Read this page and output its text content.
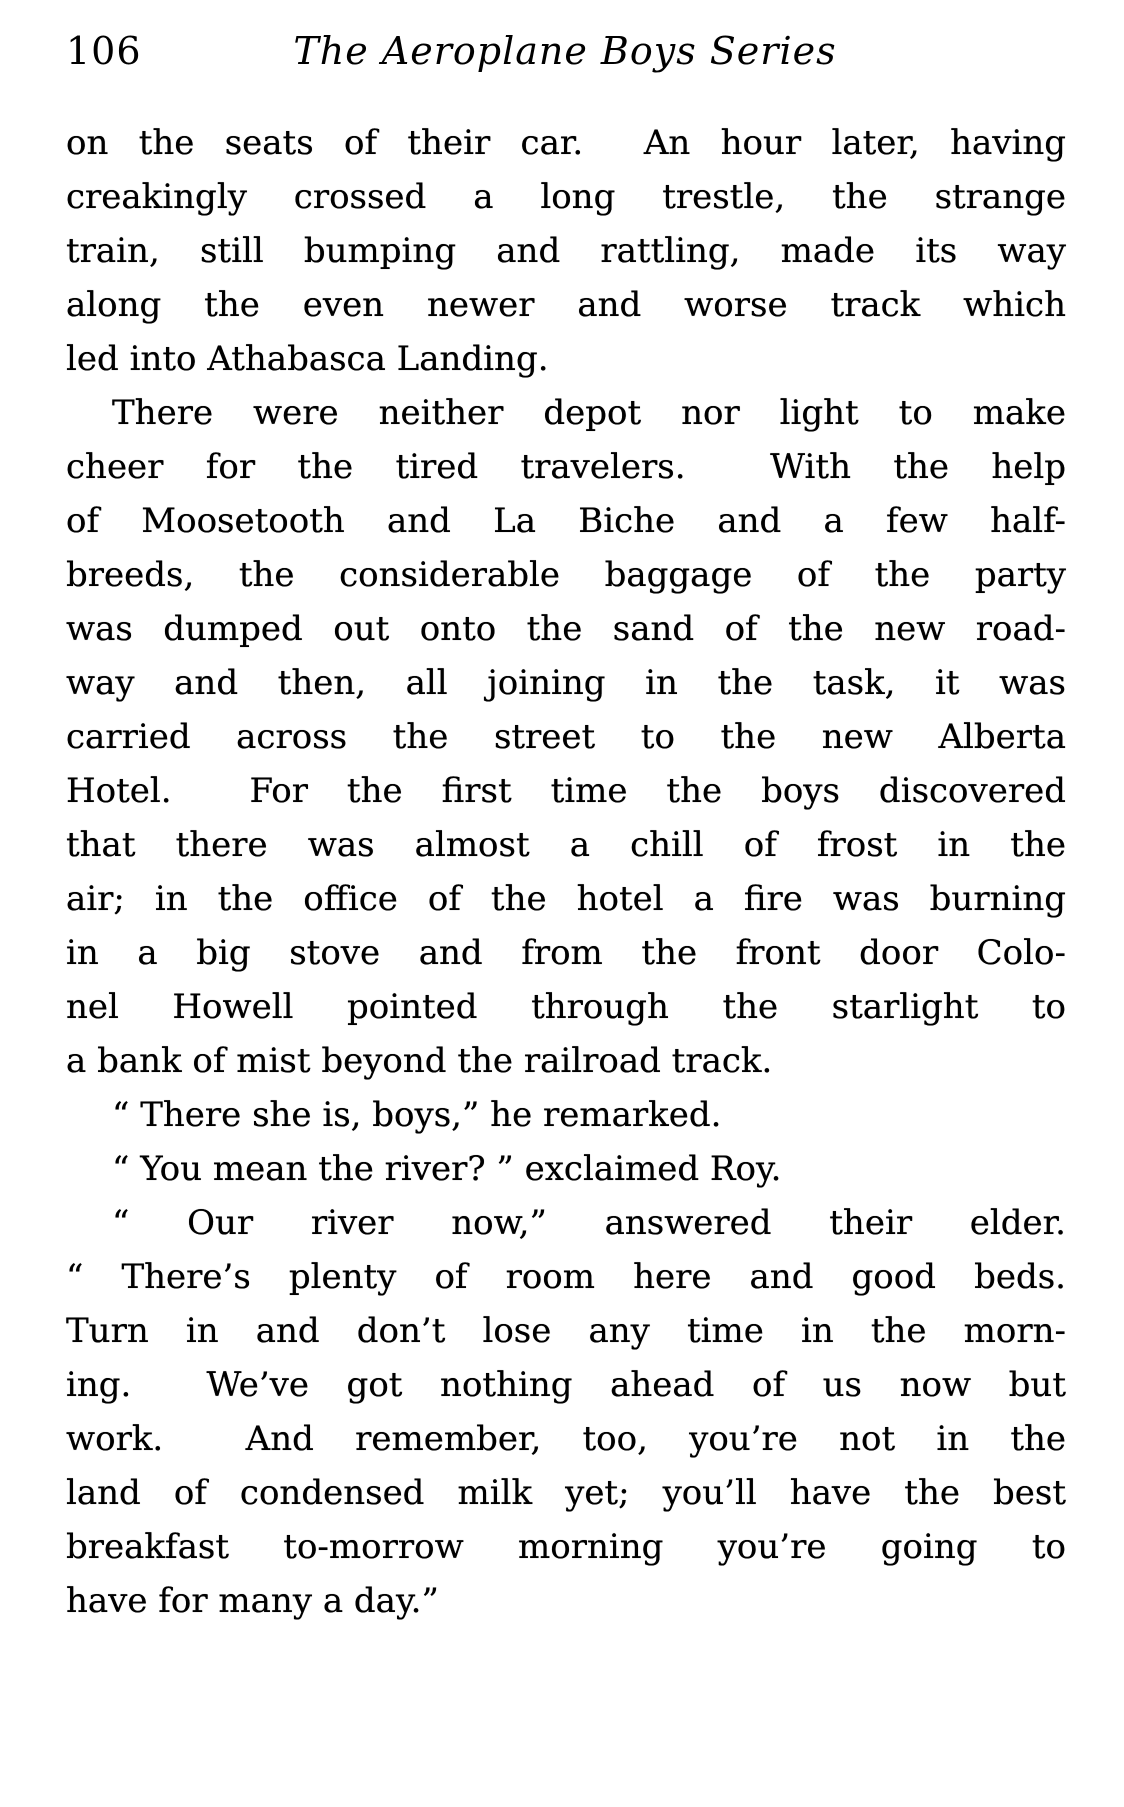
106	The Aeroplane Boys Series
on the seats of their car.  An hour later, having
creakingly crossed a long trestle, the strange
train, still bumping and rattling, made its way
along the even newer and worse track which
led into Athabasca Landing.
There were neither depot nor light to make
cheer for the tired travelers.  With the help
of Moosetooth and La Biche and a few half-
breeds, the considerable baggage of the party
was dumped out onto the sand of the new road-
way and then, all joining in the task, it was
carried across the street to the new Alberta
Hotel.  For the first time the boys discovered
that there was almost a chill of frost in the
air; in the office of the hotel a fire was burning
in a big stove and from the front door Colo-
nel Howell pointed through the starlight to
a bank of mist beyond the railroad track.
“ There she is, boys,” he remarked.
“ You mean the river? ” exclaimed Roy.
“ Our river now,” answered their elder.
“ There’s plenty of room here and good beds.
Turn in and don’t lose any time in the morn-
ing.  We’ve got nothing ahead of us now but
work.  And remember, too, you’re not in the
land of condensed milk yet; you’ll have the best
breakfast to-morrow morning you’re going to
have for many a day.”
